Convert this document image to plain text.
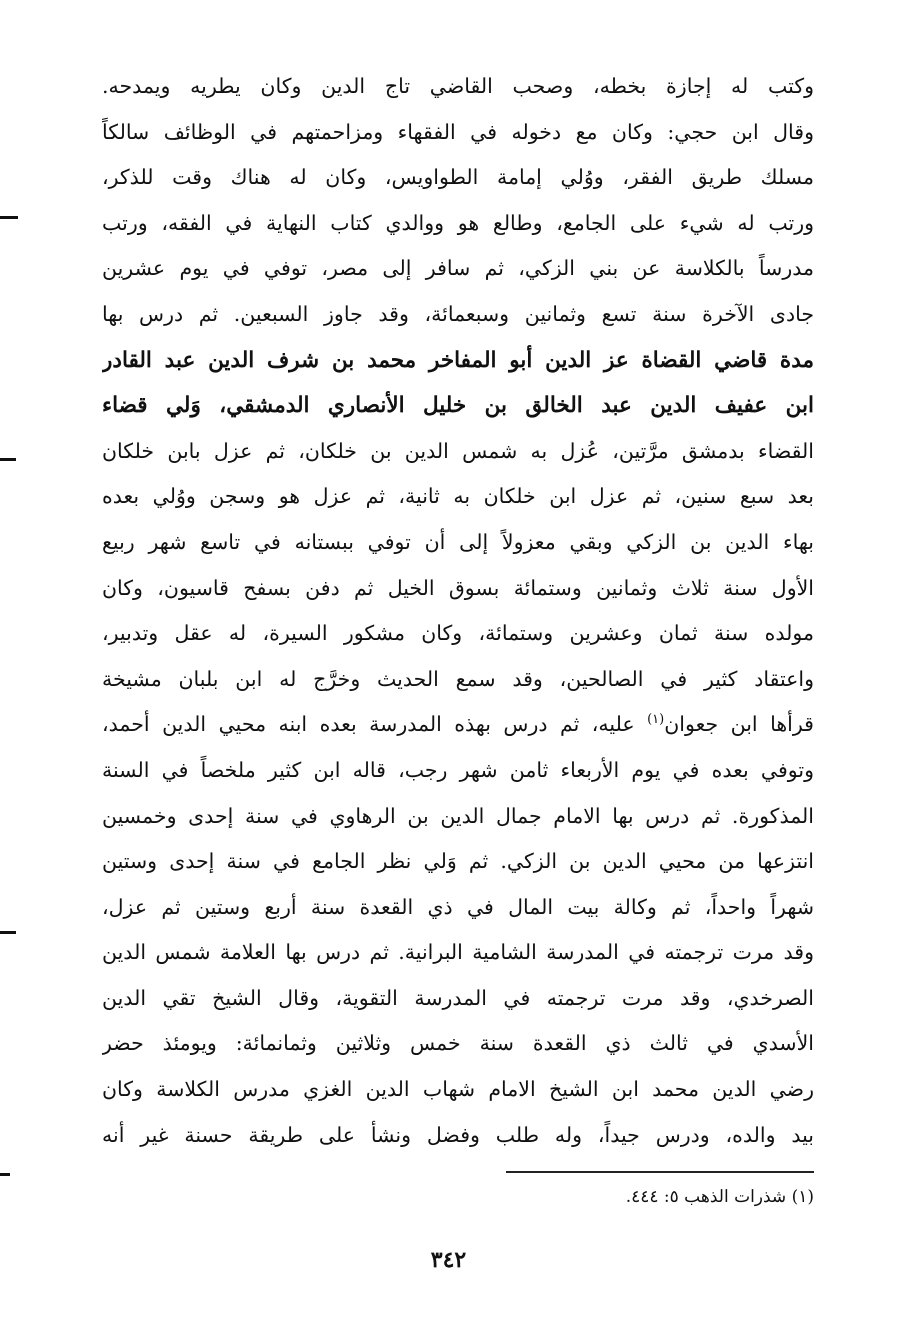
وكتب له إجازة بخطه، وصحب القاضي تاج الدين وكان يطريه ويمدحه.
وقال ابن حجي: وكان مع دخوله في الفقهاء ومزاحمتهم في الوظائف سالكاً
مسلك طريق الفقر، ووُلي إمامة الطواويس، وكان له هناك وقت للذكر،
ورتب له شيء على الجامع، وطالع هو ووالدي كتاب النهاية في الفقه، ورتب
مدرساً بالكلاسة عن بني الزكي، ثم سافر إلى مصر، توفي في يوم عشرين
جادى الآخرة سنة تسع وثمانين وسبعمائة، وقد جاوز السبعين. ثم درس بها
مدة قاضي القضاة عز الدين أبو المفاخر محمد بن شرف الدين عبد القادر
ابن عفيف الدين عبد الخالق بن خليل الأنصاري الدمشقي، وَلي قضاء
القضاء بدمشق مرَّتين، عُزل به شمس الدين بن خلكان، ثم عزل بابن خلكان
بعد سبع سنين، ثم عزل ابن خلكان به ثانية، ثم عزل هو وسجن ووُلي بعده
بهاء الدين بن الزكي وبقي معزولاً إلى أن توفي ببستانه في تاسع شهر ربيع
الأول سنة ثلاث وثمانين وستمائة بسوق الخيل ثم دفن بسفح قاسيون، وكان
مولده سنة ثمان وعشرين وستمائة، وكان مشكور السيرة، له عقل وتدبير،
واعتقاد كثير في الصالحين، وقد سمع الحديث وخرَّج له ابن بلبان مشيخة
قرأها ابن جعوان$^{(١)}$ عليه، ثم درس بهذه المدرسة بعده ابنه محيي الدين أحمد،
وتوفي بعده في يوم الأربعاء ثامن شهر رجب، قاله ابن كثير ملخصاً في السنة
المذكورة. ثم درس بها الامام جمال الدين بن الرهاوي في سنة إحدى وخمسين
انتزعها من محيي الدين بن الزكي. ثم وَلي نظر الجامع في سنة إحدى وستين
شهراً واحداً، ثم وكالة بيت المال في ذي القعدة سنة أربع وستين ثم عزل،
وقد مرت ترجمته في المدرسة الشامية البرانية. ثم درس بها العلامة شمس الدين
الصرخدي، وقد مرت ترجمته في المدرسة التقوية، وقال الشيخ تقي الدين
الأسدي في ثالث ذي القعدة سنة خمس وثلاثين وثمانمائة: ويومئذ حضر
رضي الدين محمد ابن الشيخ الامام شهاب الدين الغزي مدرس الكلاسة وكان
بيد والده، ودرس جيداً، وله طلب وفضل ونشأ على طريقة حسنة غير أنه
(١) شذرات الذهب ٥: ٤٤٤.
٣٤٢
